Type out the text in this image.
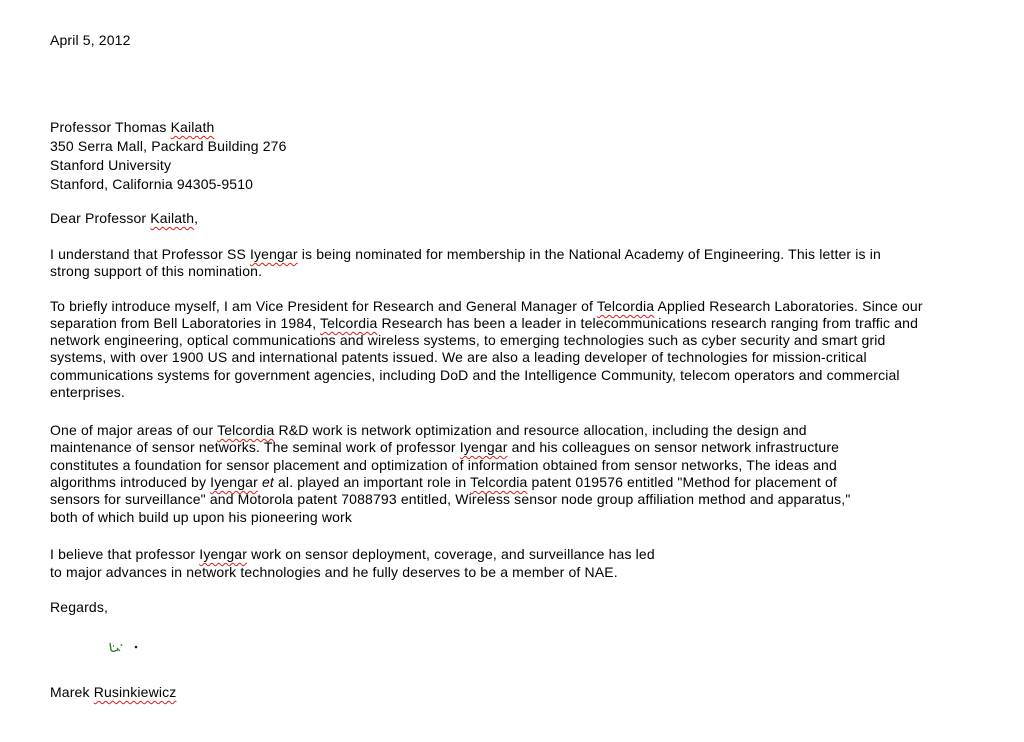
April 5, 2012
Professor Thomas Kailath
350 Serra Mall, Packard Building 276
Stanford University
Stanford, California 94305-9510
Dear Professor Kailath,
I understand that Professor SS Iyengar is being nominated for membership in the National Academy of Engineering. This letter is in
strong support of this nomination.
To briefly introduce myself, I am Vice President for Research and General Manager of Telcordia Applied Research Laboratories. Since our
separation from Bell Laboratories in 1984, Telcordia Research has been a leader in telecommunications research ranging from traffic and
network engineering, optical communications and wireless systems, to emerging technologies such as cyber security and smart grid
systems, with over 1900 US and international patents issued. We are also a leading developer of technologies for mission-critical
communications systems for government agencies, including DoD and the Intelligence Community, telecom operators and commercial
enterprises.
One of major areas of our Telcordia R&D work is network optimization and resource allocation, including the design and
maintenance of sensor networks. The seminal work of professor Iyengar and his colleagues on sensor network infrastructure
constitutes a foundation for sensor placement and optimization of information obtained from sensor networks, The ideas and
algorithms introduced by Iyengar et al. played an important role in Telcordia patent 019576 entitled "Method for placement of
sensors for surveillance" and Motorola patent 7088793 entitled, Wireless sensor node group affiliation method and apparatus,"
both of which build up upon his pioneering work
I believe that professor Iyengar work on sensor deployment, coverage, and surveillance has led
to major advances in network technologies and he fully deserves to be a member of NAE.
Regards,
Marek Rusinkiewicz
